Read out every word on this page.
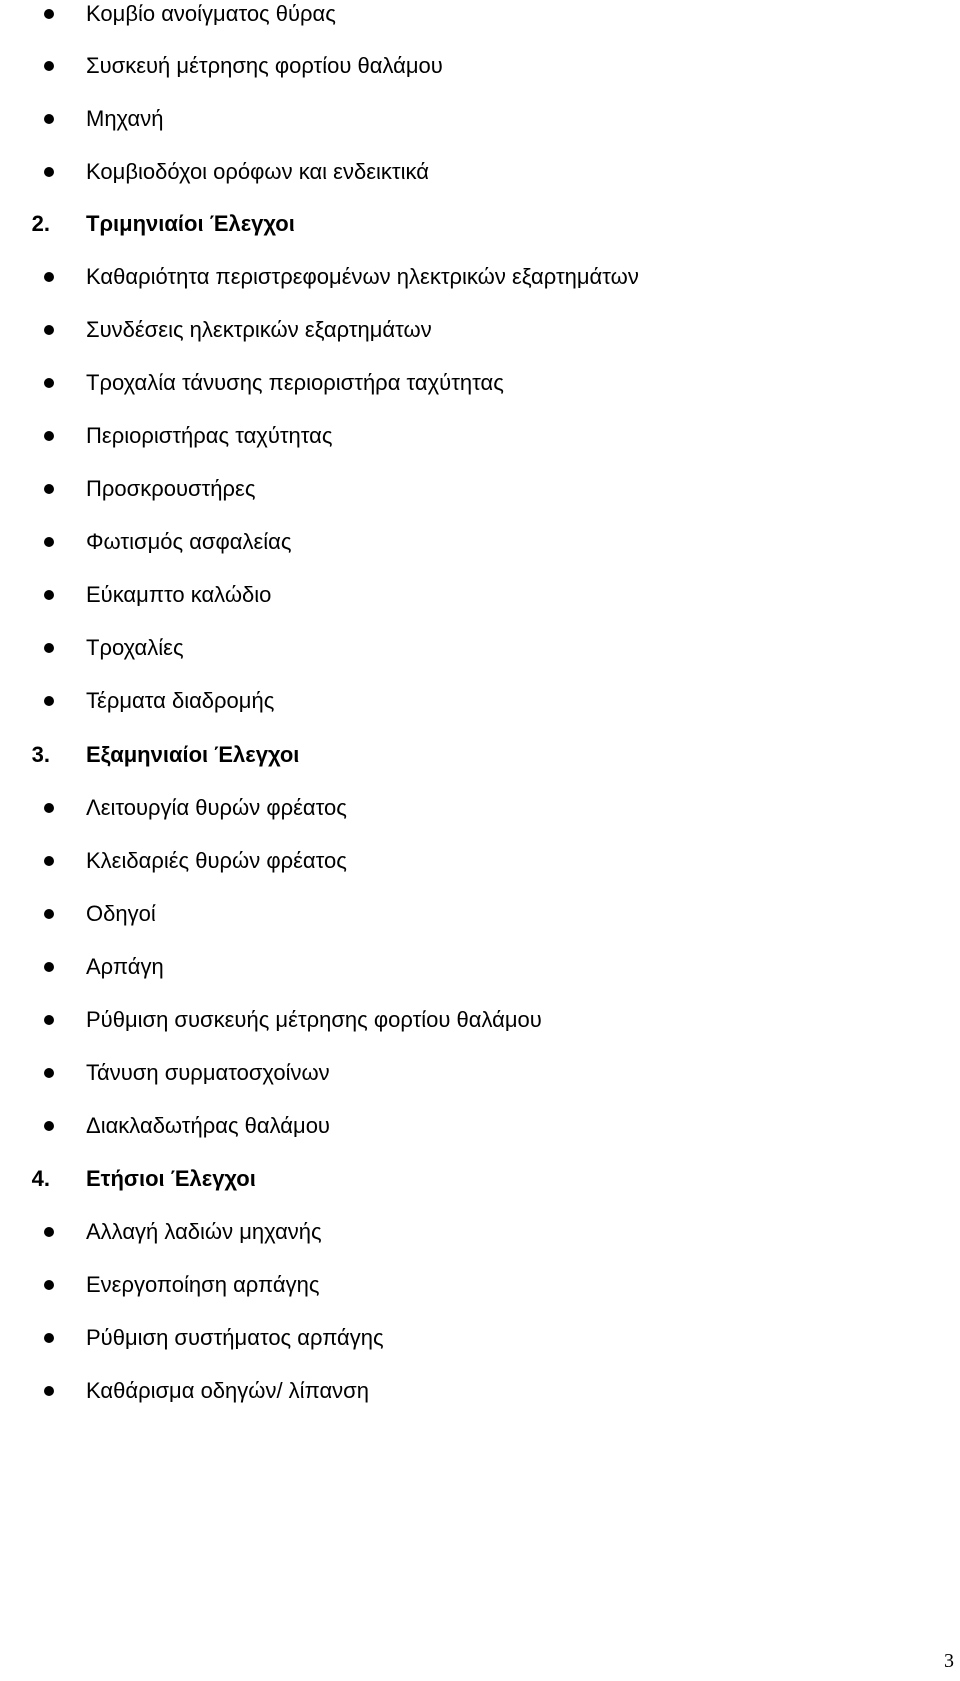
Κομβίο ανοίγματος θύρας
Συσκευή μέτρησης φορτίου θαλάμου
Μηχανή
Κομβιοδόχοι ορόφων και ενδεικτικά
2. Τριμηνιαίοι Έλεγχοι
Καθαριότητα περιστρεφομένων ηλεκτρικών εξαρτημάτων
Συνδέσεις ηλεκτρικών εξαρτημάτων
Τροχαλία τάνυσης περιοριστήρα ταχύτητας
Περιοριστήρας ταχύτητας
Προσκρουστήρες
Φωτισμός ασφαλείας
Εύκαμπτο καλώδιο
Τροχαλίες
Τέρματα διαδρομής
3. Εξαμηνιαίοι Έλεγχοι
Λειτουργία θυρών φρέατος
Κλειδαριές θυρών φρέατος
Οδηγοί
Αρπάγη
Ρύθμιση συσκευής μέτρησης φορτίου θαλάμου
Τάνυση συρματοσχοίνων
Διακλαδωτήρας θαλάμου
4. Ετήσιοι Έλεγχοι
Αλλαγή λαδιών μηχανής
Ενεργοποίηση αρπάγης
Ρύθμιση συστήματος αρπάγης
Καθάρισμα οδηγών/ λίπανση
3
